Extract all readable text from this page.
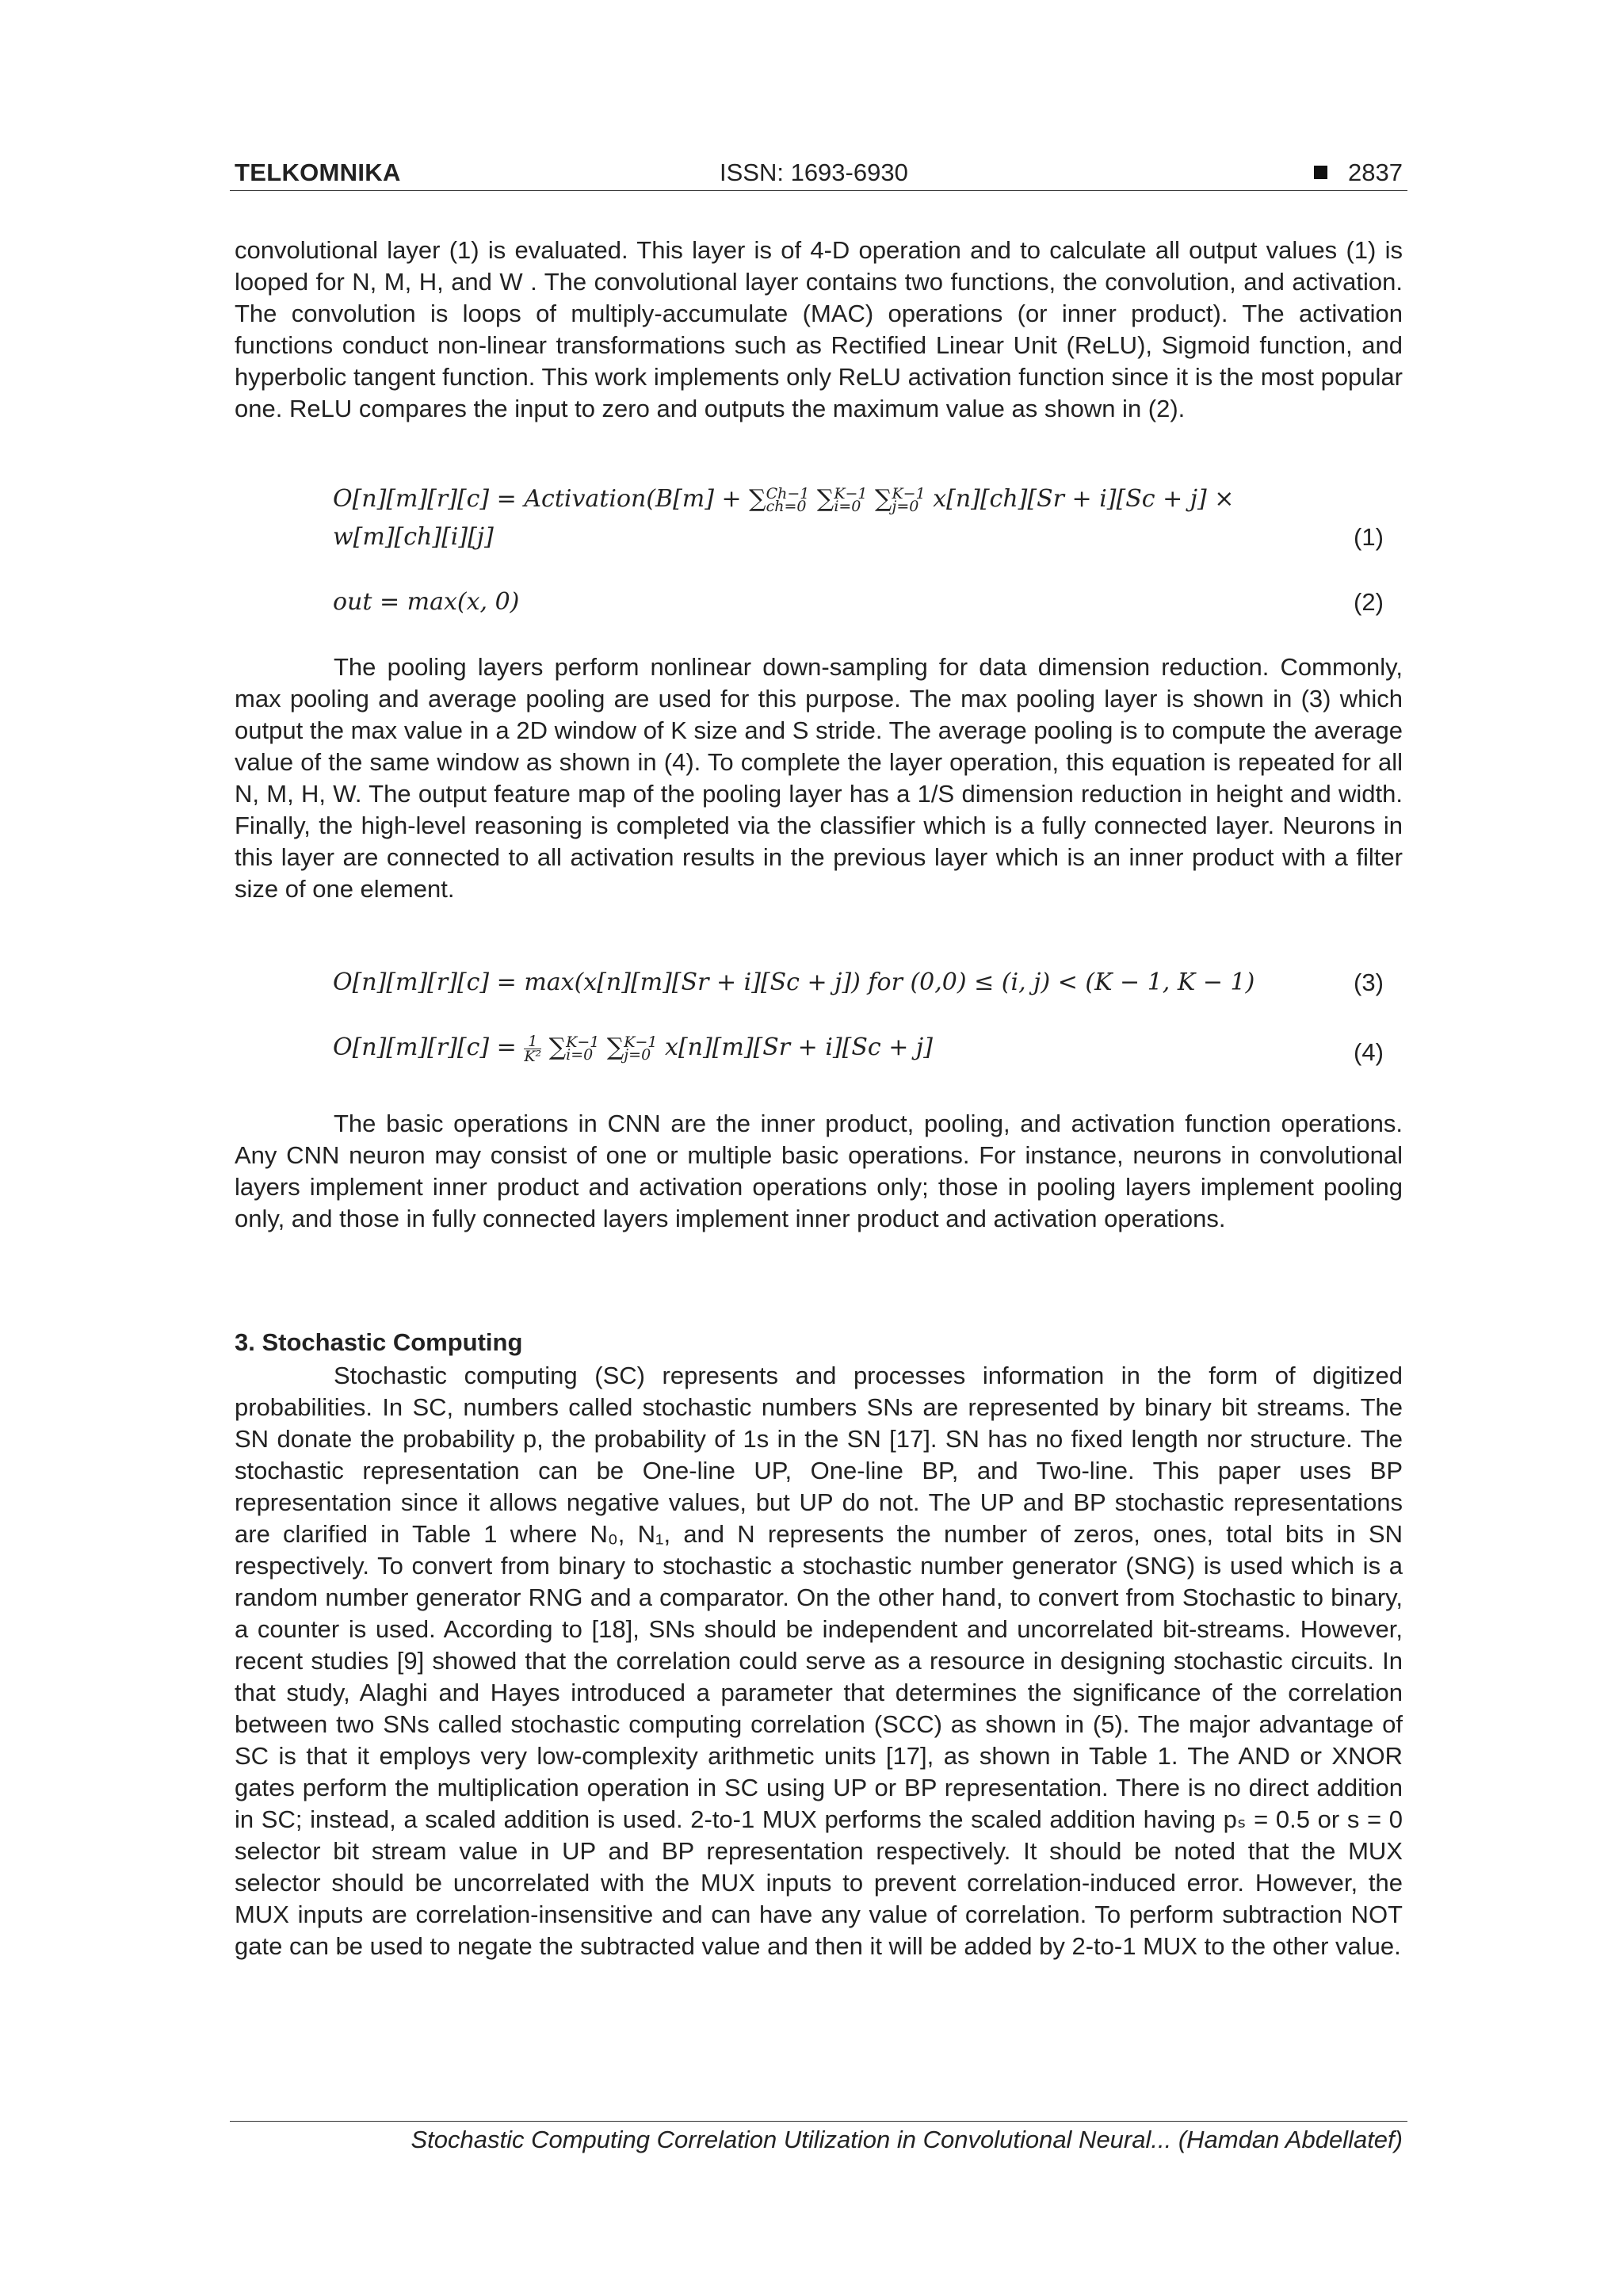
TELKOMNIKA	ISSN: 1693-6930	2837

convolutional layer (1) is evaluated. This layer is of 4-D operation and to calculate all output values (1) is looped for N, M, H, and W . The convolutional layer contains two functions, the convolution, and activation. The convolution is loops of multiply-accumulate (MAC) operations (or inner product). The activation functions conduct non-linear transformations such as Rectified Linear Unit (ReLU), Sigmoid function, and hyperbolic tangent function. This work implements only ReLU activation function since it is the most popular one. ReLU compares the input to zero and outputs the maximum value as shown in (2).

O[n][m][r][c] = Activation(B[m] + ∑ Ch−1
ch=0 ∑ K−1
i=0 ∑ K−1
j=0 x[n][ch][Sr + i][Sc + j] ×
w[m][ch][i][j]	(1)
out = max(x, 0)	(2)

The pooling layers perform nonlinear down-sampling for data dimension reduction. Commonly, max pooling and average pooling are used for this purpose. The max pooling layer is shown in (3) which output the max value in a 2D window of K size and S stride. The average pooling is to compute the average value of the same window as shown in (4). To complete the layer operation, this equation is repeated for all N, M, H, W. The output feature map of the pooling layer has a 1/S dimension reduction in height and width. Finally, the high-level reasoning is completed via the classifier which is a fully connected layer. Neurons in this layer are connected to all activation results in the previous layer which is an inner product with a filter size of one element.

O[n][m][r][c] = max(x[n][m][Sr + i][Sc + j]) for (0,0) ≤ (i, j) < (K − 1, K − 1)	(3)
$O[n][m][r][c] = \frac{1}{\text{K²}}$ ∑ K−1
i=0 ∑ K−1
j=0 x[n][m][Sr + i][Sc + j]	(4)

The basic operations in CNN are the inner product, pooling, and activation function operations. Any CNN neuron may consist of one or multiple basic operations. For instance, neurons in convolutional layers implement inner product and activation operations only; those in pooling layers implement pooling only, and those in fully connected layers implement inner product and activation operations.

3. Stochastic Computing

Stochastic computing (SC) represents and processes information in the form of digitized probabilities. In SC, numbers called stochastic numbers SNs are represented by binary bit streams. The SN donate the probability p, the probability of 1s in the SN [17]. SN has no fixed length nor structure. The stochastic representation can be One-line UP, One-line BP, and Two-line. This paper uses BP representation since it allows negative values, but UP do not. The UP and BP stochastic representations are clarified in Table 1 where N₀, N₁, and N represents the number of zeros, ones, total bits in SN respectively. To convert from binary to stochastic a stochastic number generator (SNG) is used which is a random number generator RNG and a comparator. On the other hand, to convert from Stochastic to binary, a counter is used. According to [18], SNs should be independent and uncorrelated bit-streams. However, recent studies [9] showed that the correlation could serve as a resource in designing stochastic circuits. In that study, Alaghi and Hayes introduced a parameter that determines the significance of the correlation between two SNs called stochastic computing correlation (SCC) as shown in (5). The major advantage of SC is that it employs very low-complexity arithmetic units [17], as shown in Table 1. The AND or XNOR gates perform the multiplication operation in SC using UP or BP representation. There is no direct addition in SC; instead, a scaled addition is used. 2-to-1 MUX performs the scaled addition having pₛ = 0.5 or s = 0 selector bit stream value in UP and BP representation respectively. It should be noted that the MUX selector should be uncorrelated with the MUX inputs to prevent correlation-induced error. However, the MUX inputs are correlation-insensitive and can have any value of correlation. To perform subtraction NOT gate can be used to negate the subtracted value and then it will be added by 2-to-1 MUX to the other value.

Stochastic Computing Correlation Utilization in Convolutional Neural... (Hamdan Abdellatef)
